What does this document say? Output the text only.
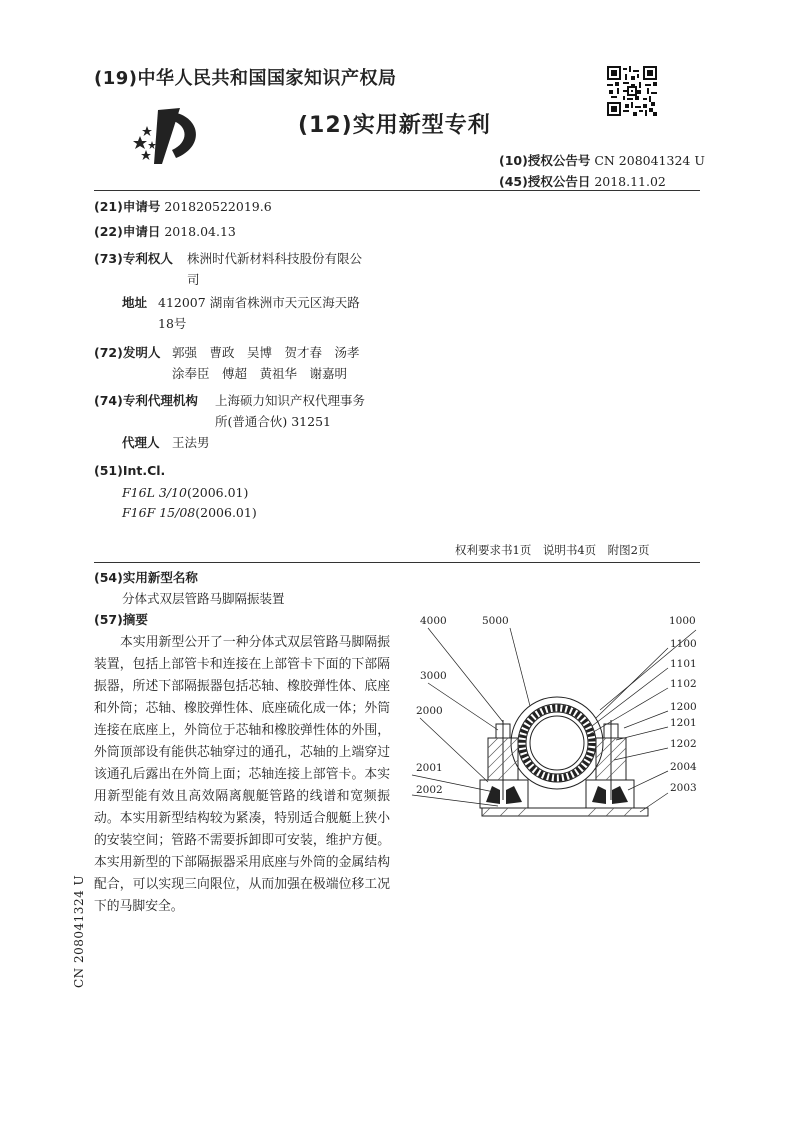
(19)中华人民共和国国家知识产权局
(12)实用新型专利
(10)授权公告号 CN 208041324 U
(45)授权公告日 2018.11.02
(21)申请号 201820522019.6
(22)申请日 2018.04.13
(73)专利权人 株洲时代新材料科技股份有限公
司
地址 412007 湖南省株洲市天元区海天路
18号
(72)发明人 郭强　曹政　吴博　贺才春　汤孝
涂奉臣　傅超　黄祖华　谢嘉明
(74)专利代理机构 上海硕力知识产权代理事务
所(普通合伙) 31251
代理人 王法男
(51)Int.Cl.
F16L 3/10(2006.01)
F16F 15/08(2006.01)
权利要求书1页　说明书4页　附图2页
(54)实用新型名称
分体式双层管路马脚隔振装置
(57)摘要

本实用新型公开了一种分体式双层管路马脚隔振装置，包括上部管卡和连接在上部管卡下面的下部隔振器，所述下部隔振器包括芯轴、橡胶弹性体、底座和外筒；芯轴、橡胶弹性体、底座硫化成一体；外筒连接在底座上，外筒位于芯轴和橡胶弹性体的外围，外筒顶部设有能供芯轴穿过的通孔，芯轴的上端穿过该通孔后露出在外筒上面；芯轴连接上部管卡。本实用新型能有效且高效隔离舰艇管路的线谱和宽频振动。本实用新型结构较为紧凑，特别适合舰艇上狭小的安装空间；管路不需要拆卸即可安装，维护方便。本实用新型的下部隔振器采用底座与外筒的金属结构配合，可以实现三向限位，从而加强在极端位移工况下的马脚安全。

CN 208041324 U
4000	5000	1000
1100
1101
1102
3000
2000	1200
1201
1202
2001
2002
2004
2003
